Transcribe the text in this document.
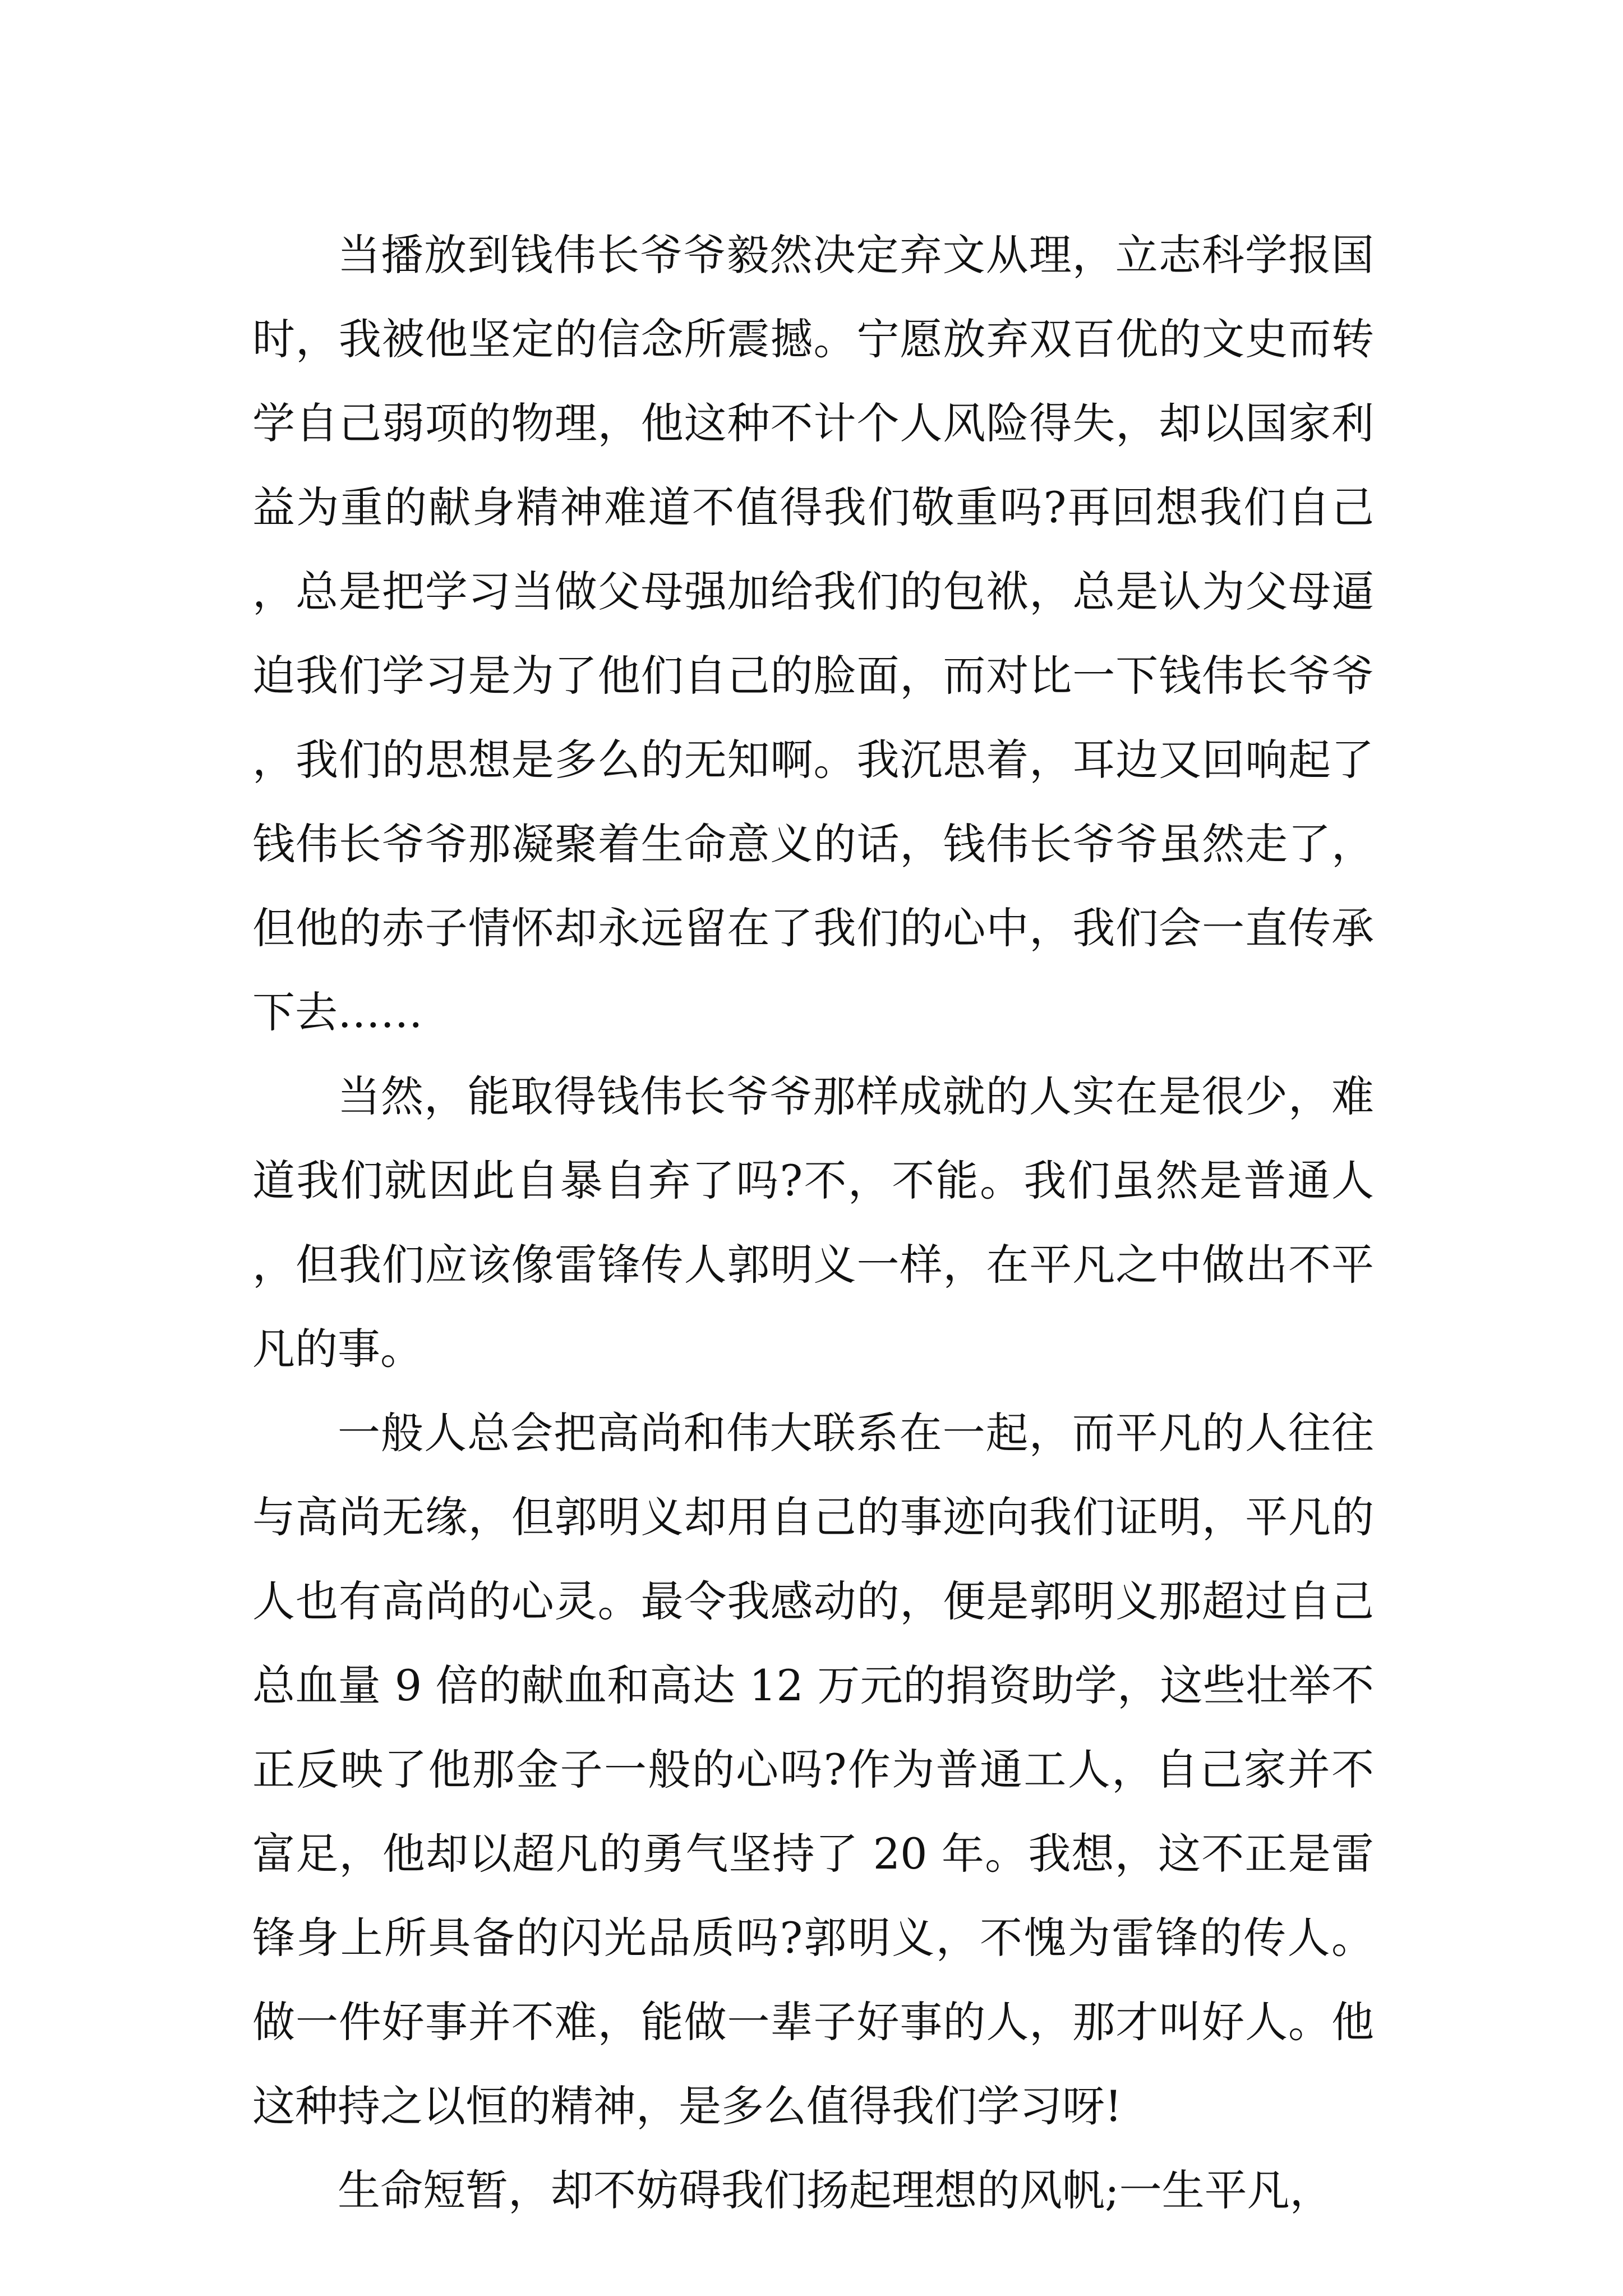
当播放到钱伟长爷爷毅然决定弃文从理，立志科学报国时，我被他坚定的信念所震撼。宁愿放弃双百优的文史而转学自己弱项的物理，他这种不计个人风险得失，却以国家利益为重的献身精神难道不值得我们敬重吗?再回想我们自己，总是把学习当做父母强加给我们的包袱，总是认为父母逼迫我们学习是为了他们自己的脸面，而对比一下钱伟长爷爷，我们的思想是多么的无知啊。我沉思着，耳边又回响起了钱伟长爷爷那凝聚着生命意义的话，钱伟长爷爷虽然走了，但他的赤子情怀却永远留在了我们的心中，我们会一直传承下去……

当然，能取得钱伟长爷爷那样成就的人实在是很少，难道我们就因此自暴自弃了吗?不，不能。我们虽然是普通人，但我们应该像雷锋传人郭明义一样，在平凡之中做出不平凡的事。

一般人总会把高尚和伟大联系在一起，而平凡的人往往与高尚无缘，但郭明义却用自己的事迹向我们证明，平凡的人也有高尚的心灵。最令我感动的，便是郭明义那超过自己总血量 9 倍的献血和高达 12 万元的捐资助学，这些壮举不正反映了他那金子一般的心吗?作为普通工人，自己家并不富足，他却以超凡的勇气坚持了 20 年。我想，这不正是雷锋身上所具备的闪光品质吗?郭明义，不愧为雷锋的传人。做一件好事并不难，能做一辈子好事的人，那才叫好人。他这种持之以恒的精神，是多么值得我们学习呀!

生命短暂，却不妨碍我们扬起理想的风帆;一生平凡，
